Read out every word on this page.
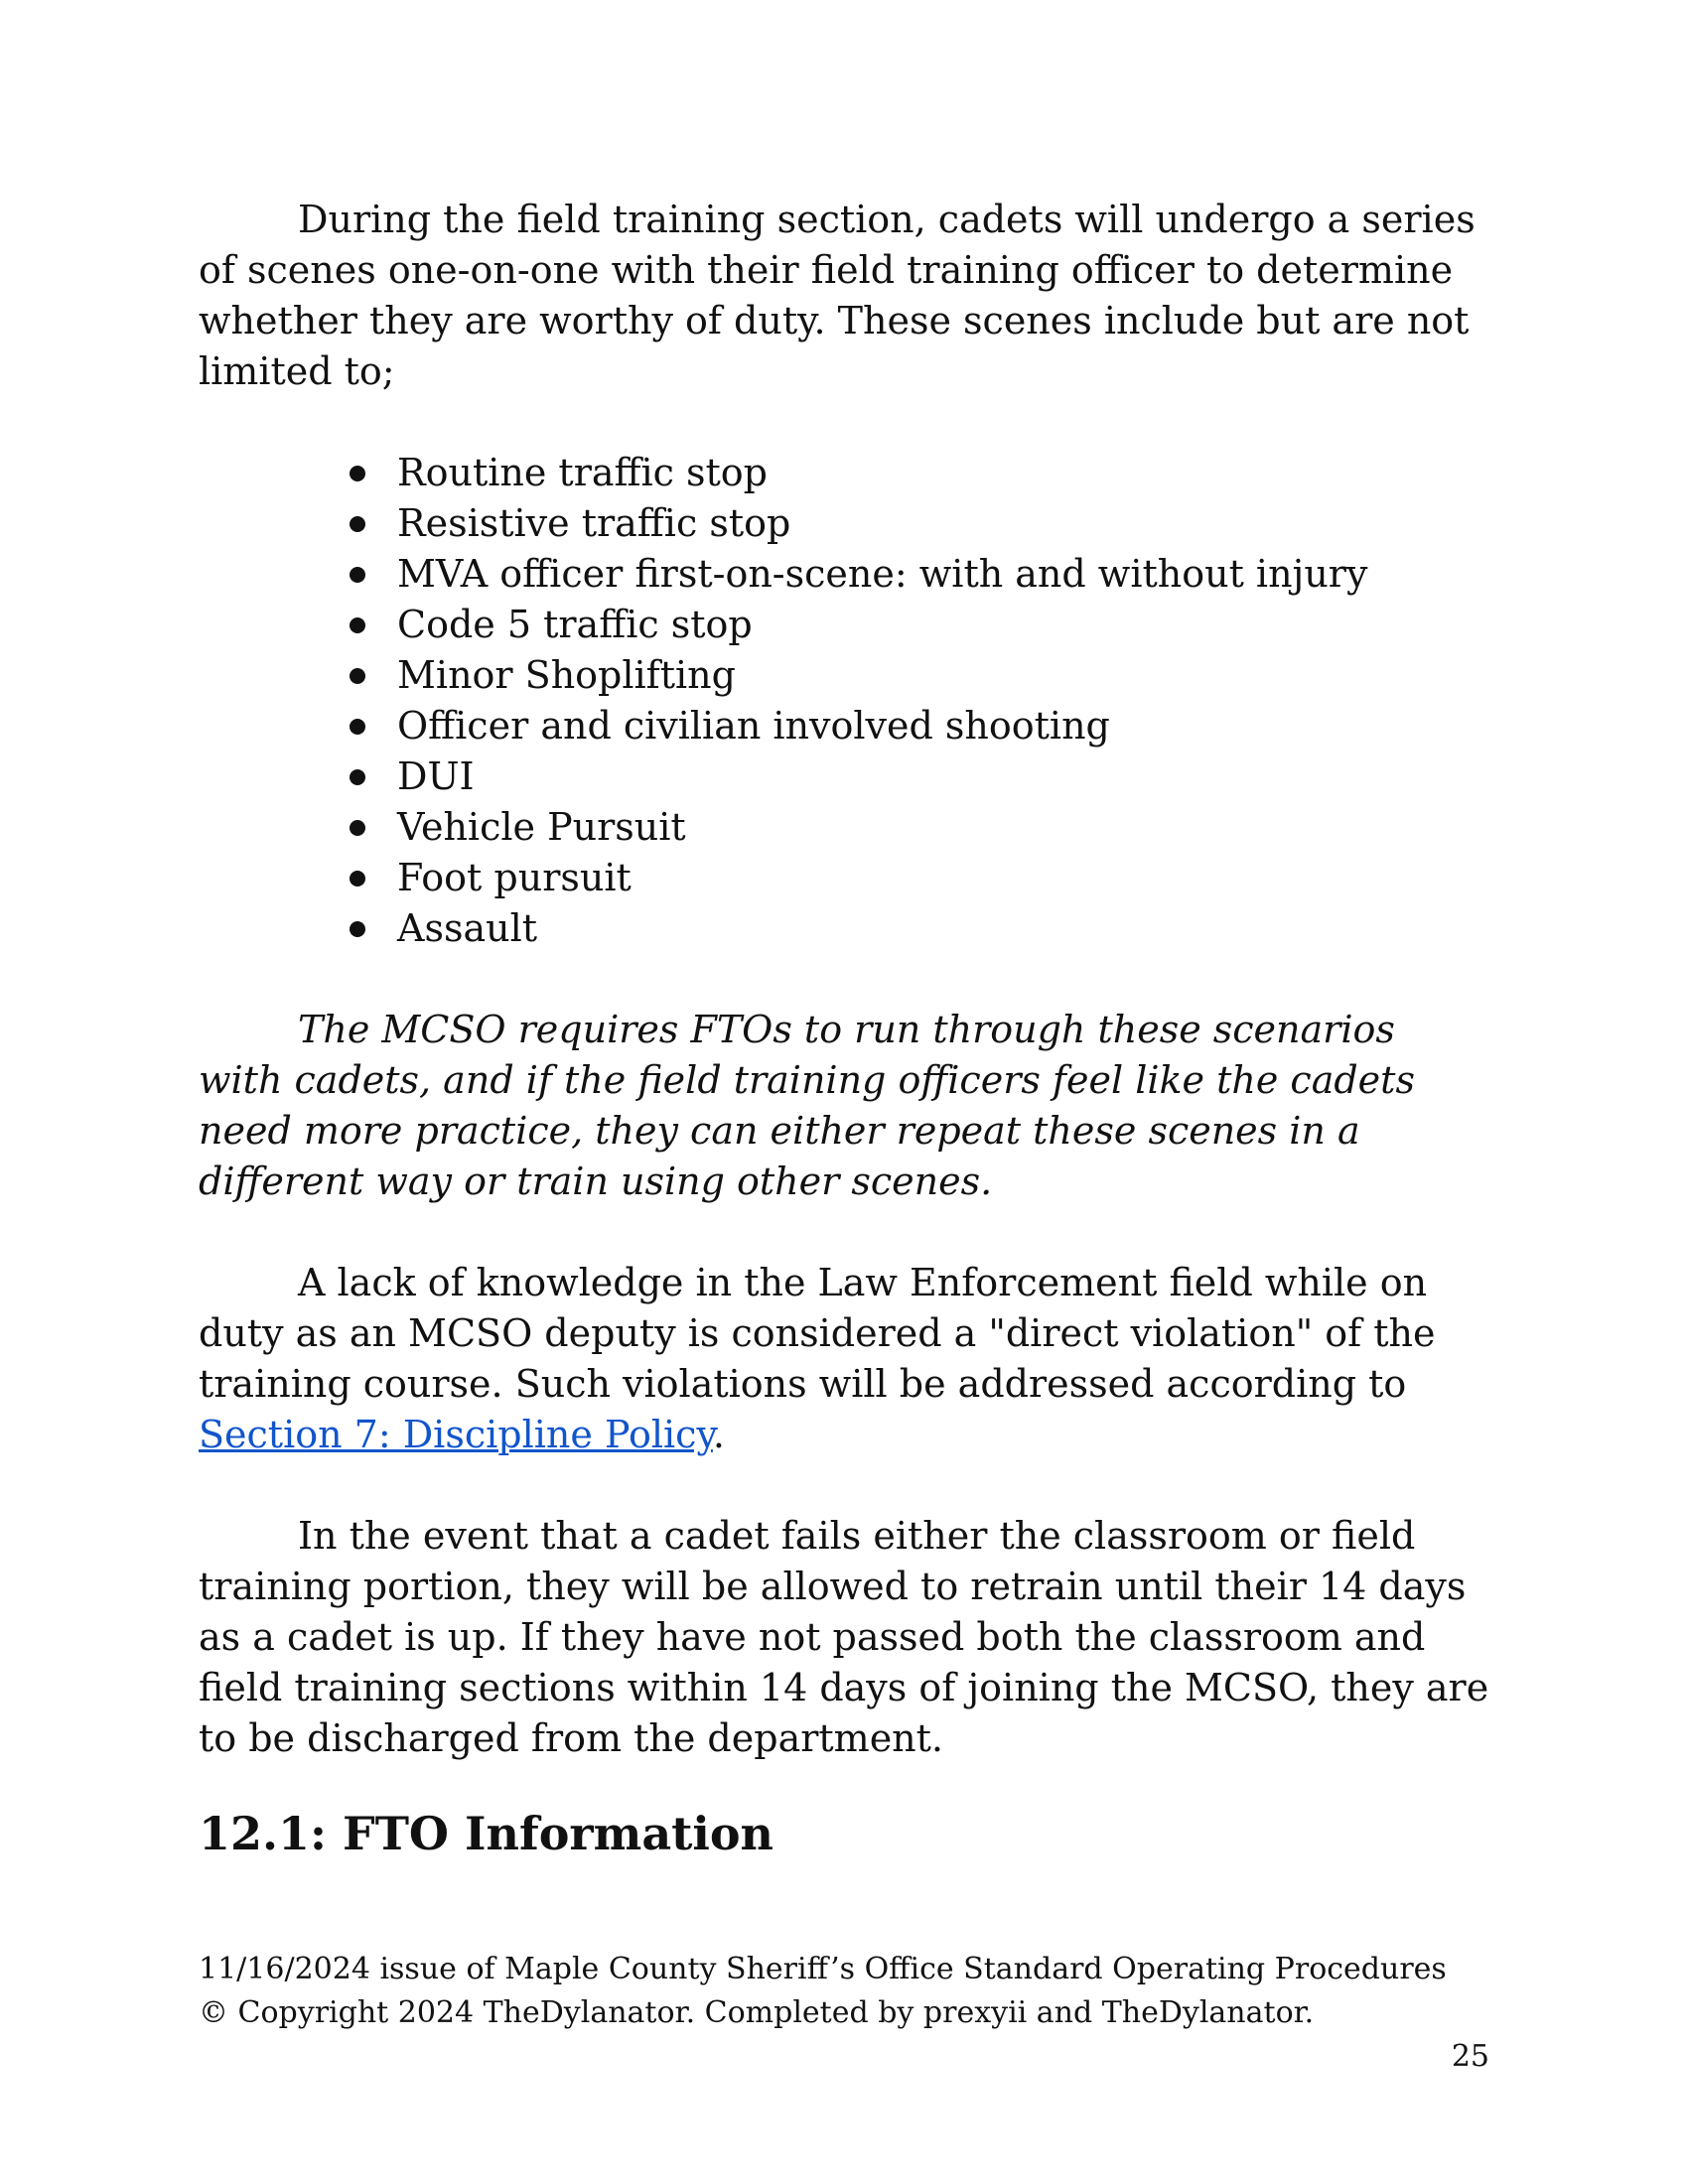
During the field training section, cadets will undergo a series of scenes one-on-one with their field training officer to determine whether they are worthy of duty. These scenes include but are not limited to;

Routine traffic stop
Resistive traffic stop
MVA officer first-on-scene: with and without injury
Code 5 traffic stop
Minor Shoplifting
Officer and civilian involved shooting
DUI
Vehicle Pursuit
Foot pursuit
Assault

The MCSO requires FTOs to run through these scenarios with cadets, and if the field training officers feel like the cadets need more practice, they can either repeat these scenes in a different way or train using other scenes.

A lack of knowledge in the Law Enforcement field while on duty as an MCSO deputy is considered a "direct violation" of the training course. Such violations will be addressed according to Section 7: Discipline Policy.

In the event that a cadet fails either the classroom or field training portion, they will be allowed to retrain until their 14 days as a cadet is up. If they have not passed both the classroom and field training sections within 14 days of joining the MCSO, they are to be discharged from the department.

12.1: FTO Information

11/16/2024 issue of Maple County Sheriff’s Office Standard Operating Procedures

© Copyright 2024 TheDylanator. Completed by prexyii and TheDylanator.

25
